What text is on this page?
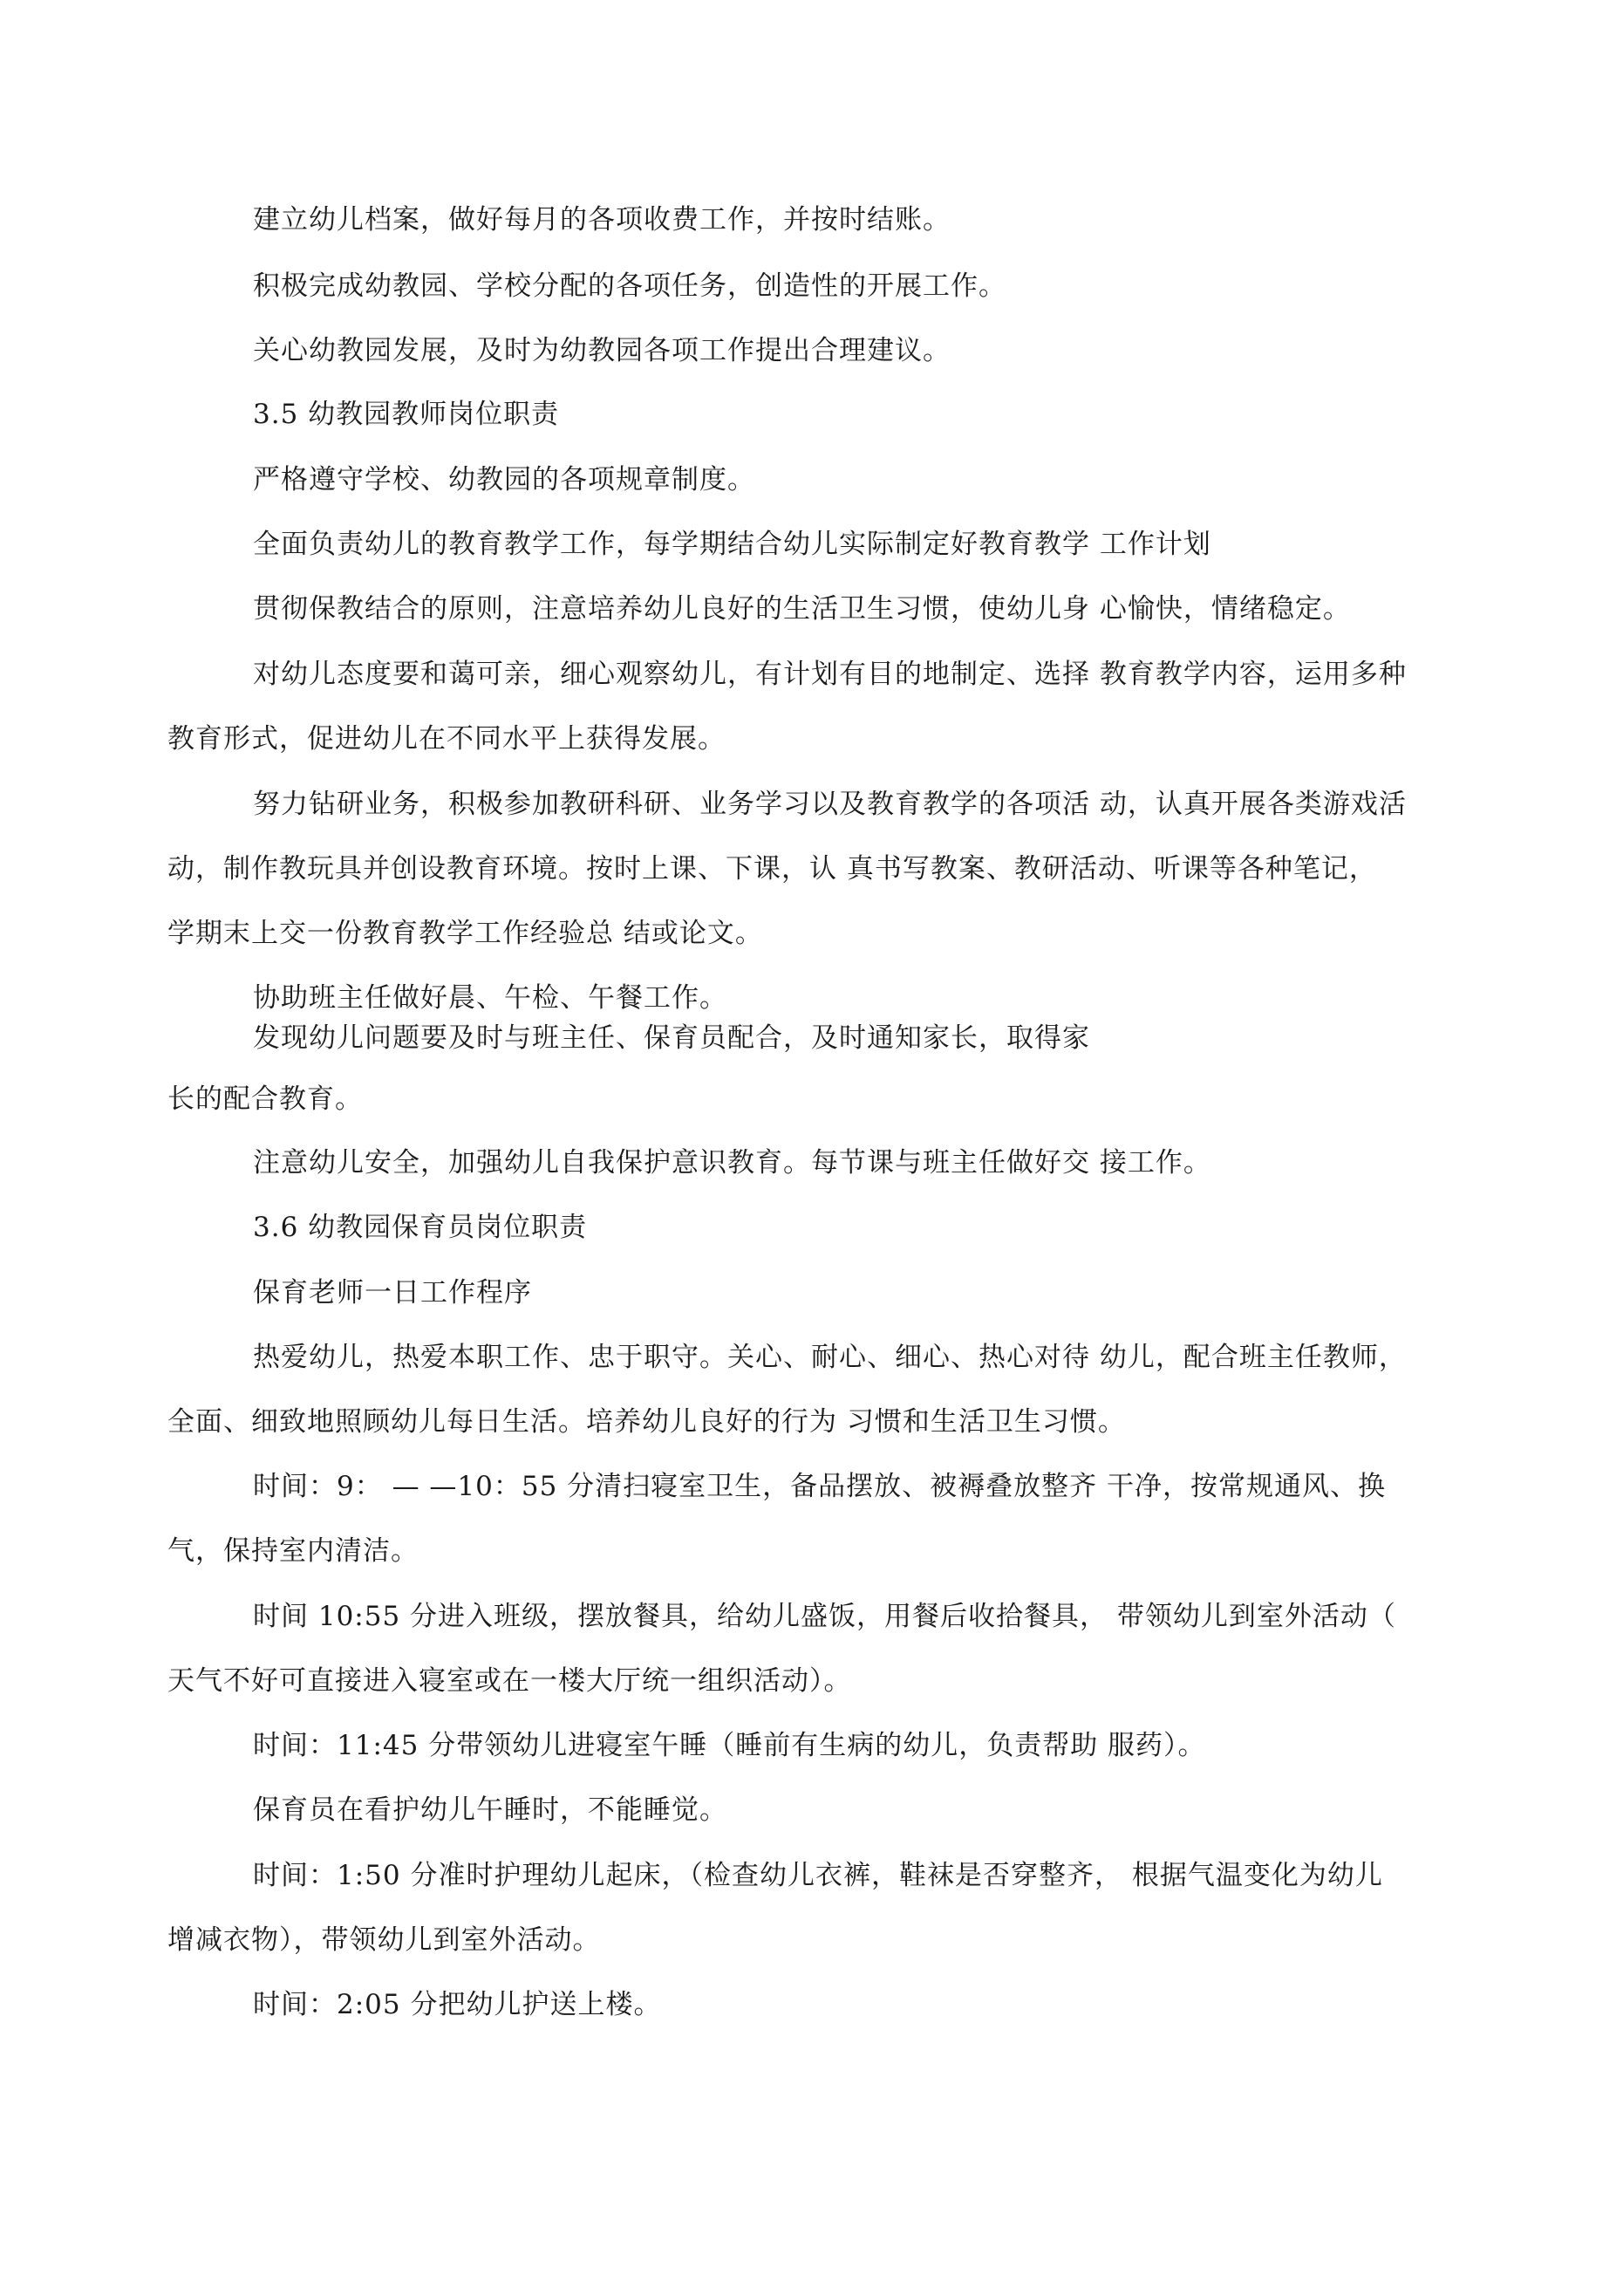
建立幼儿档案，做好每月的各项收费工作，并按时结账。
积极完成幼教园、学校分配的各项任务，创造性的开展工作。
关心幼教园发展，及时为幼教园各项工作提出合理建议。
3.5 幼教园教师岗位职责
严格遵守学校、幼教园的各项规章制度。
全面负责幼儿的教育教学工作，每学期结合幼儿实际制定好教育教学 工作计划
贯彻保教结合的原则，注意培养幼儿良好的生活卫生习惯，使幼儿身 心愉快，情绪稳定。
对幼儿态度要和蔼可亲，细心观察幼儿，有计划有目的地制定、选择 教育教学内容，运用多种
教育形式，促进幼儿在不同水平上获得发展。
努力钻研业务，积极参加教研科研、业务学习以及教育教学的各项活 动，认真开展各类游戏活
动，制作教玩具并创设教育环境。按时上课、下课，认 真书写教案、教研活动、听课等各种笔记，
学期末上交一份教育教学工作经验总 结或论文。
协助班主任做好晨、午检、午餐工作。
发现幼儿问题要及时与班主任、保育员配合，及时通知家长，取得家
长的配合教育。
注意幼儿安全，加强幼儿自我保护意识教育。每节课与班主任做好交 接工作。
3.6 幼教园保育员岗位职责
保育老师一日工作程序
热爱幼儿，热爱本职工作、忠于职守。关心、耐心、细心、热心对待 幼儿，配合班主任教师，
全面、细致地照顾幼儿每日生活。培养幼儿良好的行为 习惯和生活卫生习惯。
时间：9： — —10：55 分清扫寝室卫生，备品摆放、被褥叠放整齐 干净，按常规通风、换
气，保持室内清洁。
时间 10:55 分进入班级，摆放餐具，给幼儿盛饭，用餐后收拾餐具， 带领幼儿到室外活动（
天气不好可直接进入寝室或在一楼大厅统一组织活动）。
时间：11:45 分带领幼儿进寝室午睡（睡前有生病的幼儿，负责帮助 服药）。
保育员在看护幼儿午睡时，不能睡觉。
时间：1:50 分准时护理幼儿起床，（检查幼儿衣裤，鞋袜是否穿整齐， 根据气温变化为幼儿
增减衣物），带领幼儿到室外活动。
时间：2:05 分把幼儿护送上楼。
